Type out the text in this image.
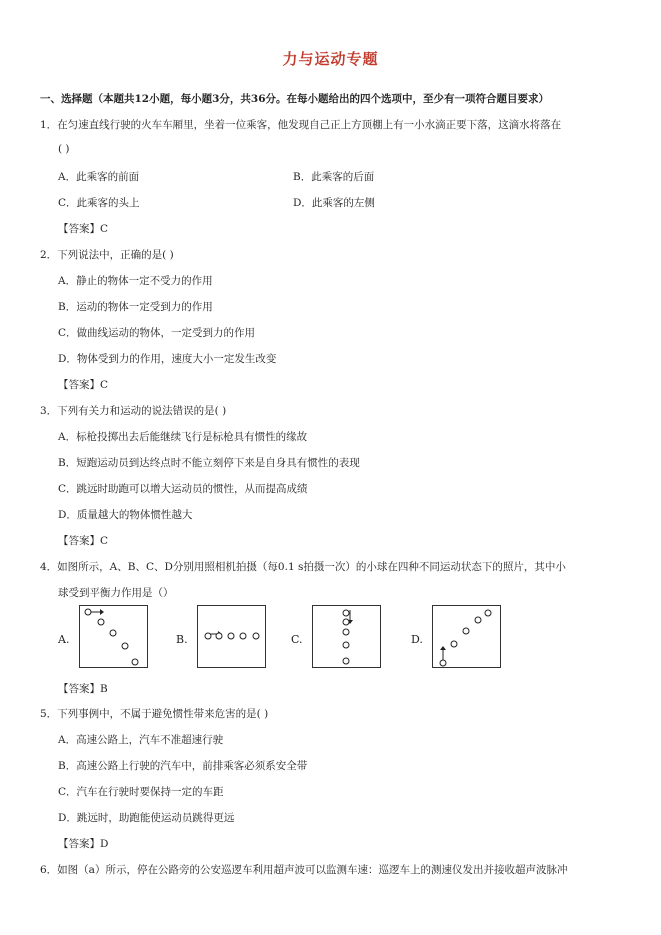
力与运动专题
一、选择题（本题共12小题，每小题3分，共36分。在每小题给出的四个选项中，至少有一项符合题目要求）
1．在匀速直线行驶的火车车厢里，坐着一位乘客，他发现自己正上方顶棚上有一小水滴正要下落，这滴水将落在
( )
A．此乘客的前面	B．此乘客的后面
C．此乘客的头上	D．此乘客的左侧
【答案】C
2．下列说法中，正确的是( )
A．静止的物体一定不受力的作用
B．运动的物体一定受到力的作用
C．做曲线运动的物体，一定受到力的作用
D．物体受到力的作用，速度大小一定发生改变
【答案】C
3．下列有关力和运动的说法错误的是( )
A．标枪投掷出去后能继续飞行是标枪具有惯性的缘故
B．短跑运动员到达终点时不能立刻停下来是自身具有惯性的表现
C．跳远时助跑可以增大运动员的惯性，从而提高成绩
D．质量越大的物体惯性越大
【答案】C
4．如图所示，A、B、C、D分别用照相机拍摄（每0.1 s拍摄一次）的小球在四种不同运动状态下的照片，其中小
球受到平衡力作用是（）
A.	B.	C.	D.
【答案】B
5．下列事例中，不属于避免惯性带来危害的是( )
A．高速公路上，汽车不准超速行驶
B．高速公路上行驶的汽车中，前排乘客必须系安全带
C．汽车在行驶时要保持一定的车距
D．跳远时，助跑能使运动员跳得更远
【答案】D
6．如图（a）所示，停在公路旁的公安巡逻车利用超声波可以监测车速：巡逻车上的测速仪发出并接收超声波脉冲
